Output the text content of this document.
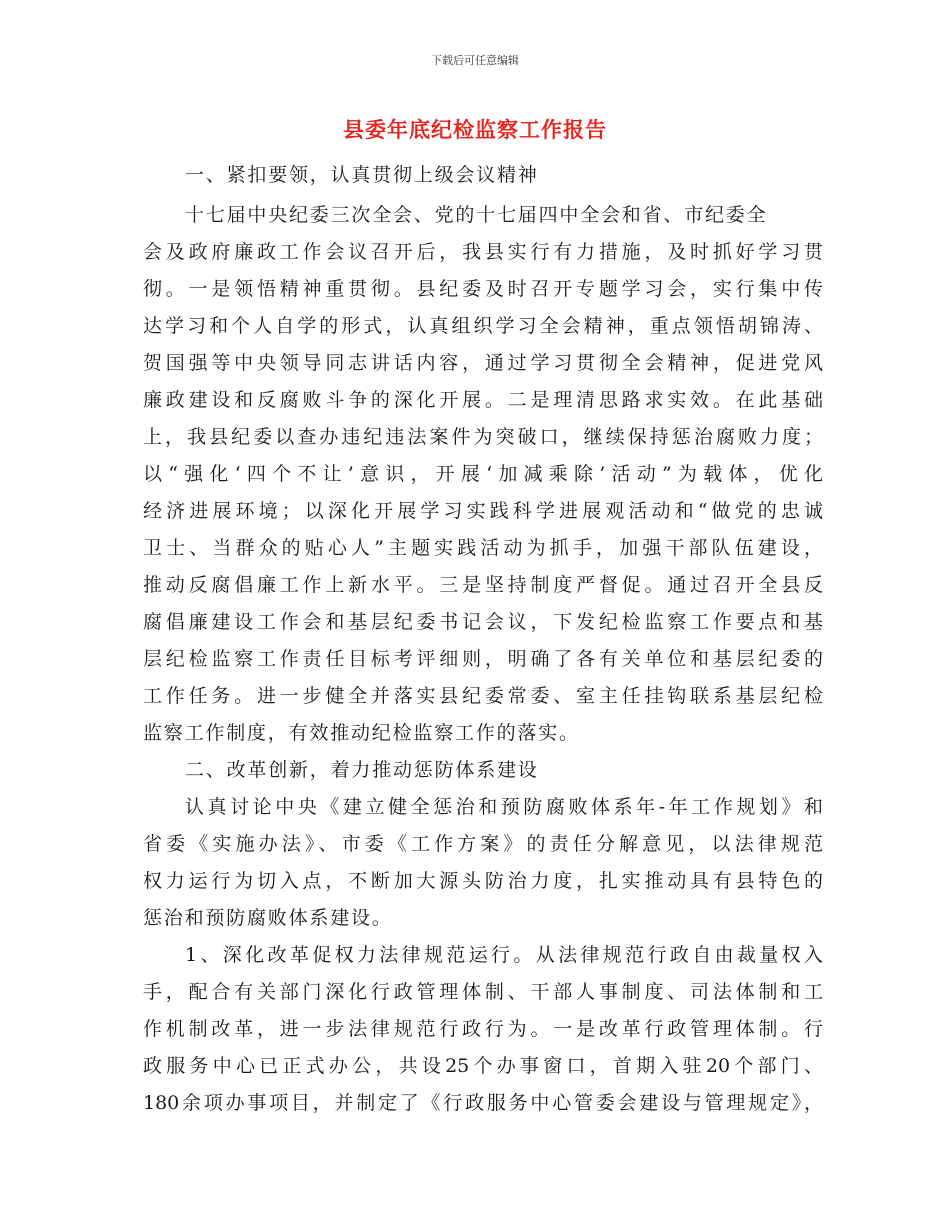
下载后可任意编辑
县委年底纪检监察工作报告
一、紧扣要领，认真贯彻上级会议精神
十七届中央纪委三次全会、党的十七届四中全会和省、市纪委全
会及政府廉政工作会议召开后，我县实行有力措施，及时抓好学习贯
彻。一是领悟精神重贯彻。县纪委及时召开专题学习会，实行集中传
达学习和个人自学的形式，认真组织学习全会精神，重点领悟胡锦涛、
贺国强等中央领导同志讲话内容，通过学习贯彻全会精神，促进党风
廉政建设和反腐败斗争的深化开展。二是理清思路求实效。在此基础
上，我县纪委以查办违纪违法案件为突破口，继续保持惩治腐败力度；
以“强化‘四个不让’意识，开展‘加减乘除’活动”为载体，优化
经济进展环境；以深化开展学习实践科学进展观活动和“做党的忠诚
卫士、当群众的贴心人”主题实践活动为抓手，加强干部队伍建设，
推动反腐倡廉工作上新水平。三是坚持制度严督促。通过召开全县反
腐倡廉建设工作会和基层纪委书记会议，下发纪检监察工作要点和基
层纪检监察工作责任目标考评细则，明确了各有关单位和基层纪委的
工作任务。进一步健全并落实县纪委常委、室主任挂钩联系基层纪检
监察工作制度，有效推动纪检监察工作的落实。
二、改革创新，着力推动惩防体系建设
认真讨论中央《建立健全惩治和预防腐败体系年-年工作规划》和
省委《实施办法》、市委《工作方案》的责任分解意见，以法律规范
权力运行为切入点，不断加大源头防治力度，扎实推动具有县特色的
惩治和预防腐败体系建设。
1、深化改革促权力法律规范运行。从法律规范行政自由裁量权入
手，配合有关部门深化行政管理体制、干部人事制度、司法体制和工
作机制改革，进一步法律规范行政行为。一是改革行政管理体制。行
政服务中心已正式办公，共设25个办事窗口，首期入驻20个部门、
180余项办事项目，并制定了《行政服务中心管委会建设与管理规定》，
